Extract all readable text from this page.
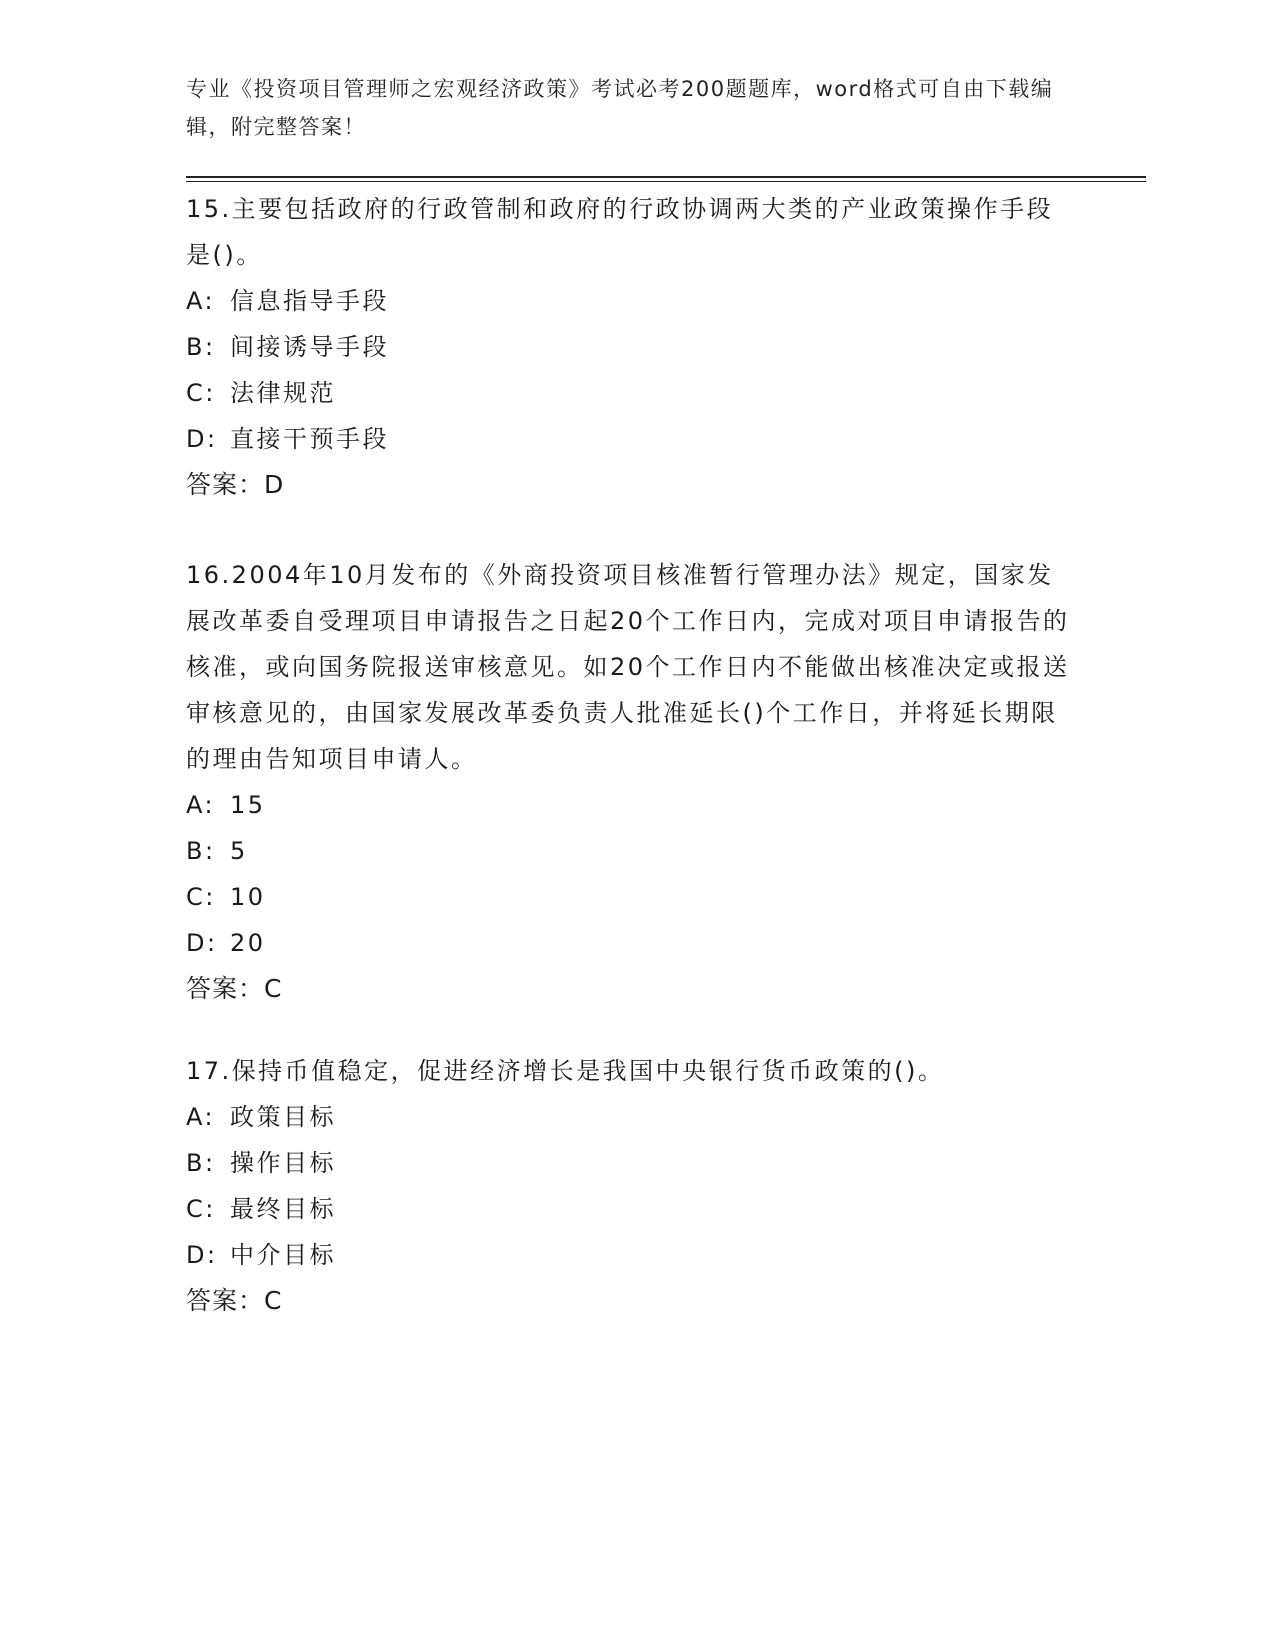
专业《投资项目管理师之宏观经济政策》考试必考200题题库，word格式可自由下载编辑，附完整答案！

15.主要包括政府的行政管制和政府的行政协调两大类的产业政策操作手段是()。

A: 信息指导手段

B: 间接诱导手段

C: 法律规范

D: 直接干预手段

答案：D

16.2004年10月发布的《外商投资项目核准暂行管理办法》规定，国家发展改革委自受理项目申请报告之日起20个工作日内，完成对项目申请报告的核准，或向国务院报送审核意见。如20个工作日内不能做出核准决定或报送审核意见的，由国家发展改革委负责人批准延长()个工作日，并将延长期限的理由告知项目申请人。

A: 15

B: 5

C: 10

D: 20

答案：C

17.保持币值稳定，促进经济增长是我国中央银行货币政策的()。

A: 政策目标

B: 操作目标

C: 最终目标

D: 中介目标

答案：C
